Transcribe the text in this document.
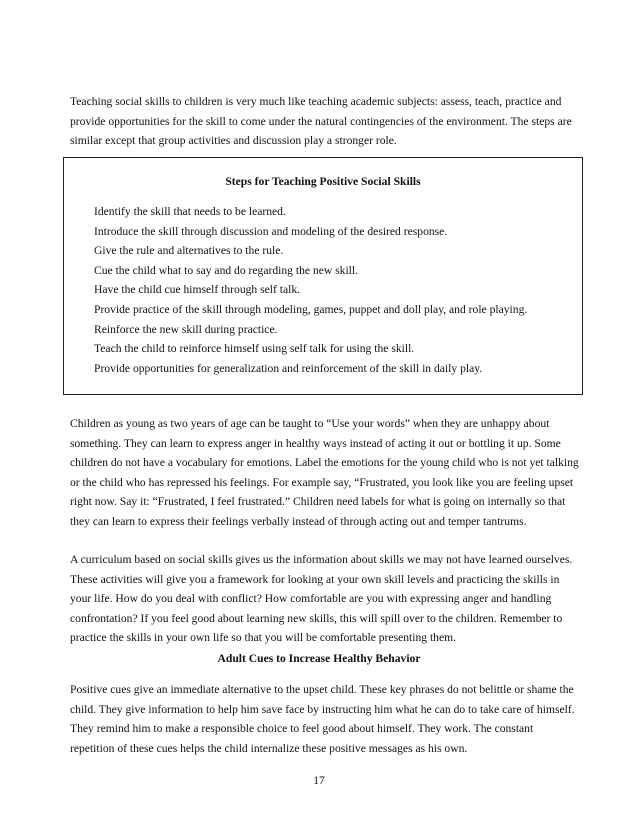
Teaching social skills to children is very much like teaching academic subjects: assess, teach, practice and provide opportunities for the skill to come under the natural contingencies of the environment. The steps are similar except that group activities and discussion play a stronger role.

Steps for Teaching Positive Social Skills

Identify the skill that needs to be learned.
Introduce the skill through discussion and modeling of the desired response.
Give the rule and alternatives to the rule.
Cue the child what to say and do regarding the new skill.
Have the child cue himself through self talk.
Provide practice of the skill through modeling, games, puppet and doll play, and role playing.
Reinforce the new skill during practice.
Teach the child to reinforce himself using self talk for using the skill.
Provide opportunities for generalization and reinforcement of the skill in daily play.

Children as young as two years of age can be taught to “Use your words” when they are unhappy about something. They can learn to express anger in healthy ways instead of acting it out or bottling it up. Some children do not have a vocabulary for emotions. Label the emotions for the young child who is not yet talking or the child who has repressed his feelings. For example say, “Frustrated, you look like you are feeling upset right now. Say it: “Frustrated, I feel frustrated.” Children need labels for what is going on internally so that they can learn to express their feelings verbally instead of through acting out and temper tantrums.

A curriculum based on social skills gives us the information about skills we may not have learned ourselves. These activities will give you a framework for looking at your own skill levels and practicing the skills in your life. How do you deal with conflict? How comfortable are you with expressing anger and handling confrontation? If you feel good about learning new skills, this will spill over to the children. Remember to practice the skills in your own life so that you will be comfortable presenting them.

Adult Cues to Increase Healthy Behavior

Positive cues give an immediate alternative to the upset child. These key phrases do not belittle or shame the child. They give information to help him save face by instructing him what he can do to take care of himself. They remind him to make a responsible choice to feel good about himself. They work. The constant repetition of these cues helps the child internalize these positive messages as his own.

17
